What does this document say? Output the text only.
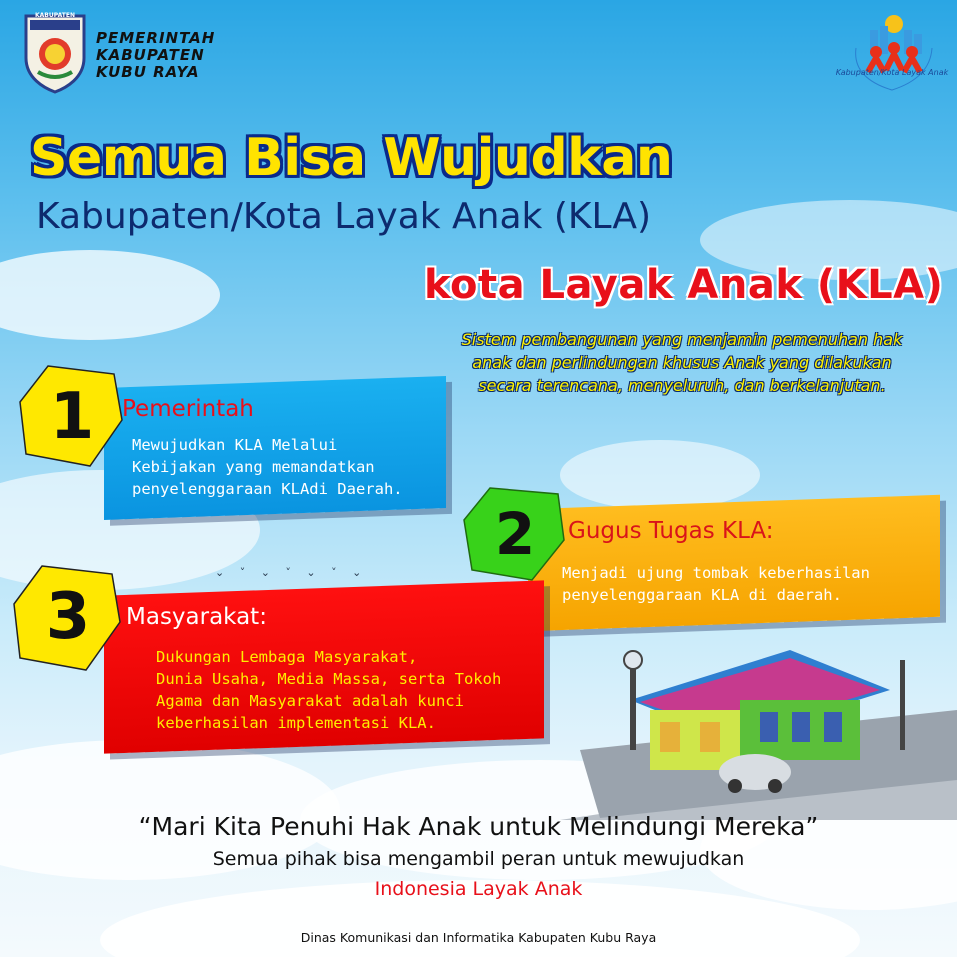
⌄ ˅ ⌄ ˅ ⌄ ˅ ⌄
KABUPATEN
PEMERINTAH
KABUPATEN
KUBU RAYA	Kabupaten/Kota Layak Anak
Semua Bisa Wujudkan
Kabupaten/Kota Layak Anak (KLA)
kota Layak Anak (KLA)
Sistem pembangunan yang menjamin pemenuhan hak
anak dan perlindungan khusus Anak yang dilakukan
secara terencana, menyeluruh, dan berkelanjutan.
Pemerintah
Mewujudkan KLA Melalui
Kebijakan yang memandatkan
penyelenggaraan KLAdi Daerah.
1
Gugus Tugas KLA:
Menjadi ujung tombak keberhasilan
penyelenggaraan KLA di daerah.
2
Masyarakat:
Dukungan Lembaga Masyarakat,
Dunia Usaha, Media Massa, serta Tokoh
Agama dan Masyarakat adalah kunci
keberhasilan implementasi KLA.
3
“Mari Kita Penuhi Hak Anak untuk Melindungi Mereka”
Semua pihak bisa mengambil peran untuk mewujudkan
Indonesia Layak Anak
Dinas Komunikasi dan Informatika Kabupaten Kubu Raya
